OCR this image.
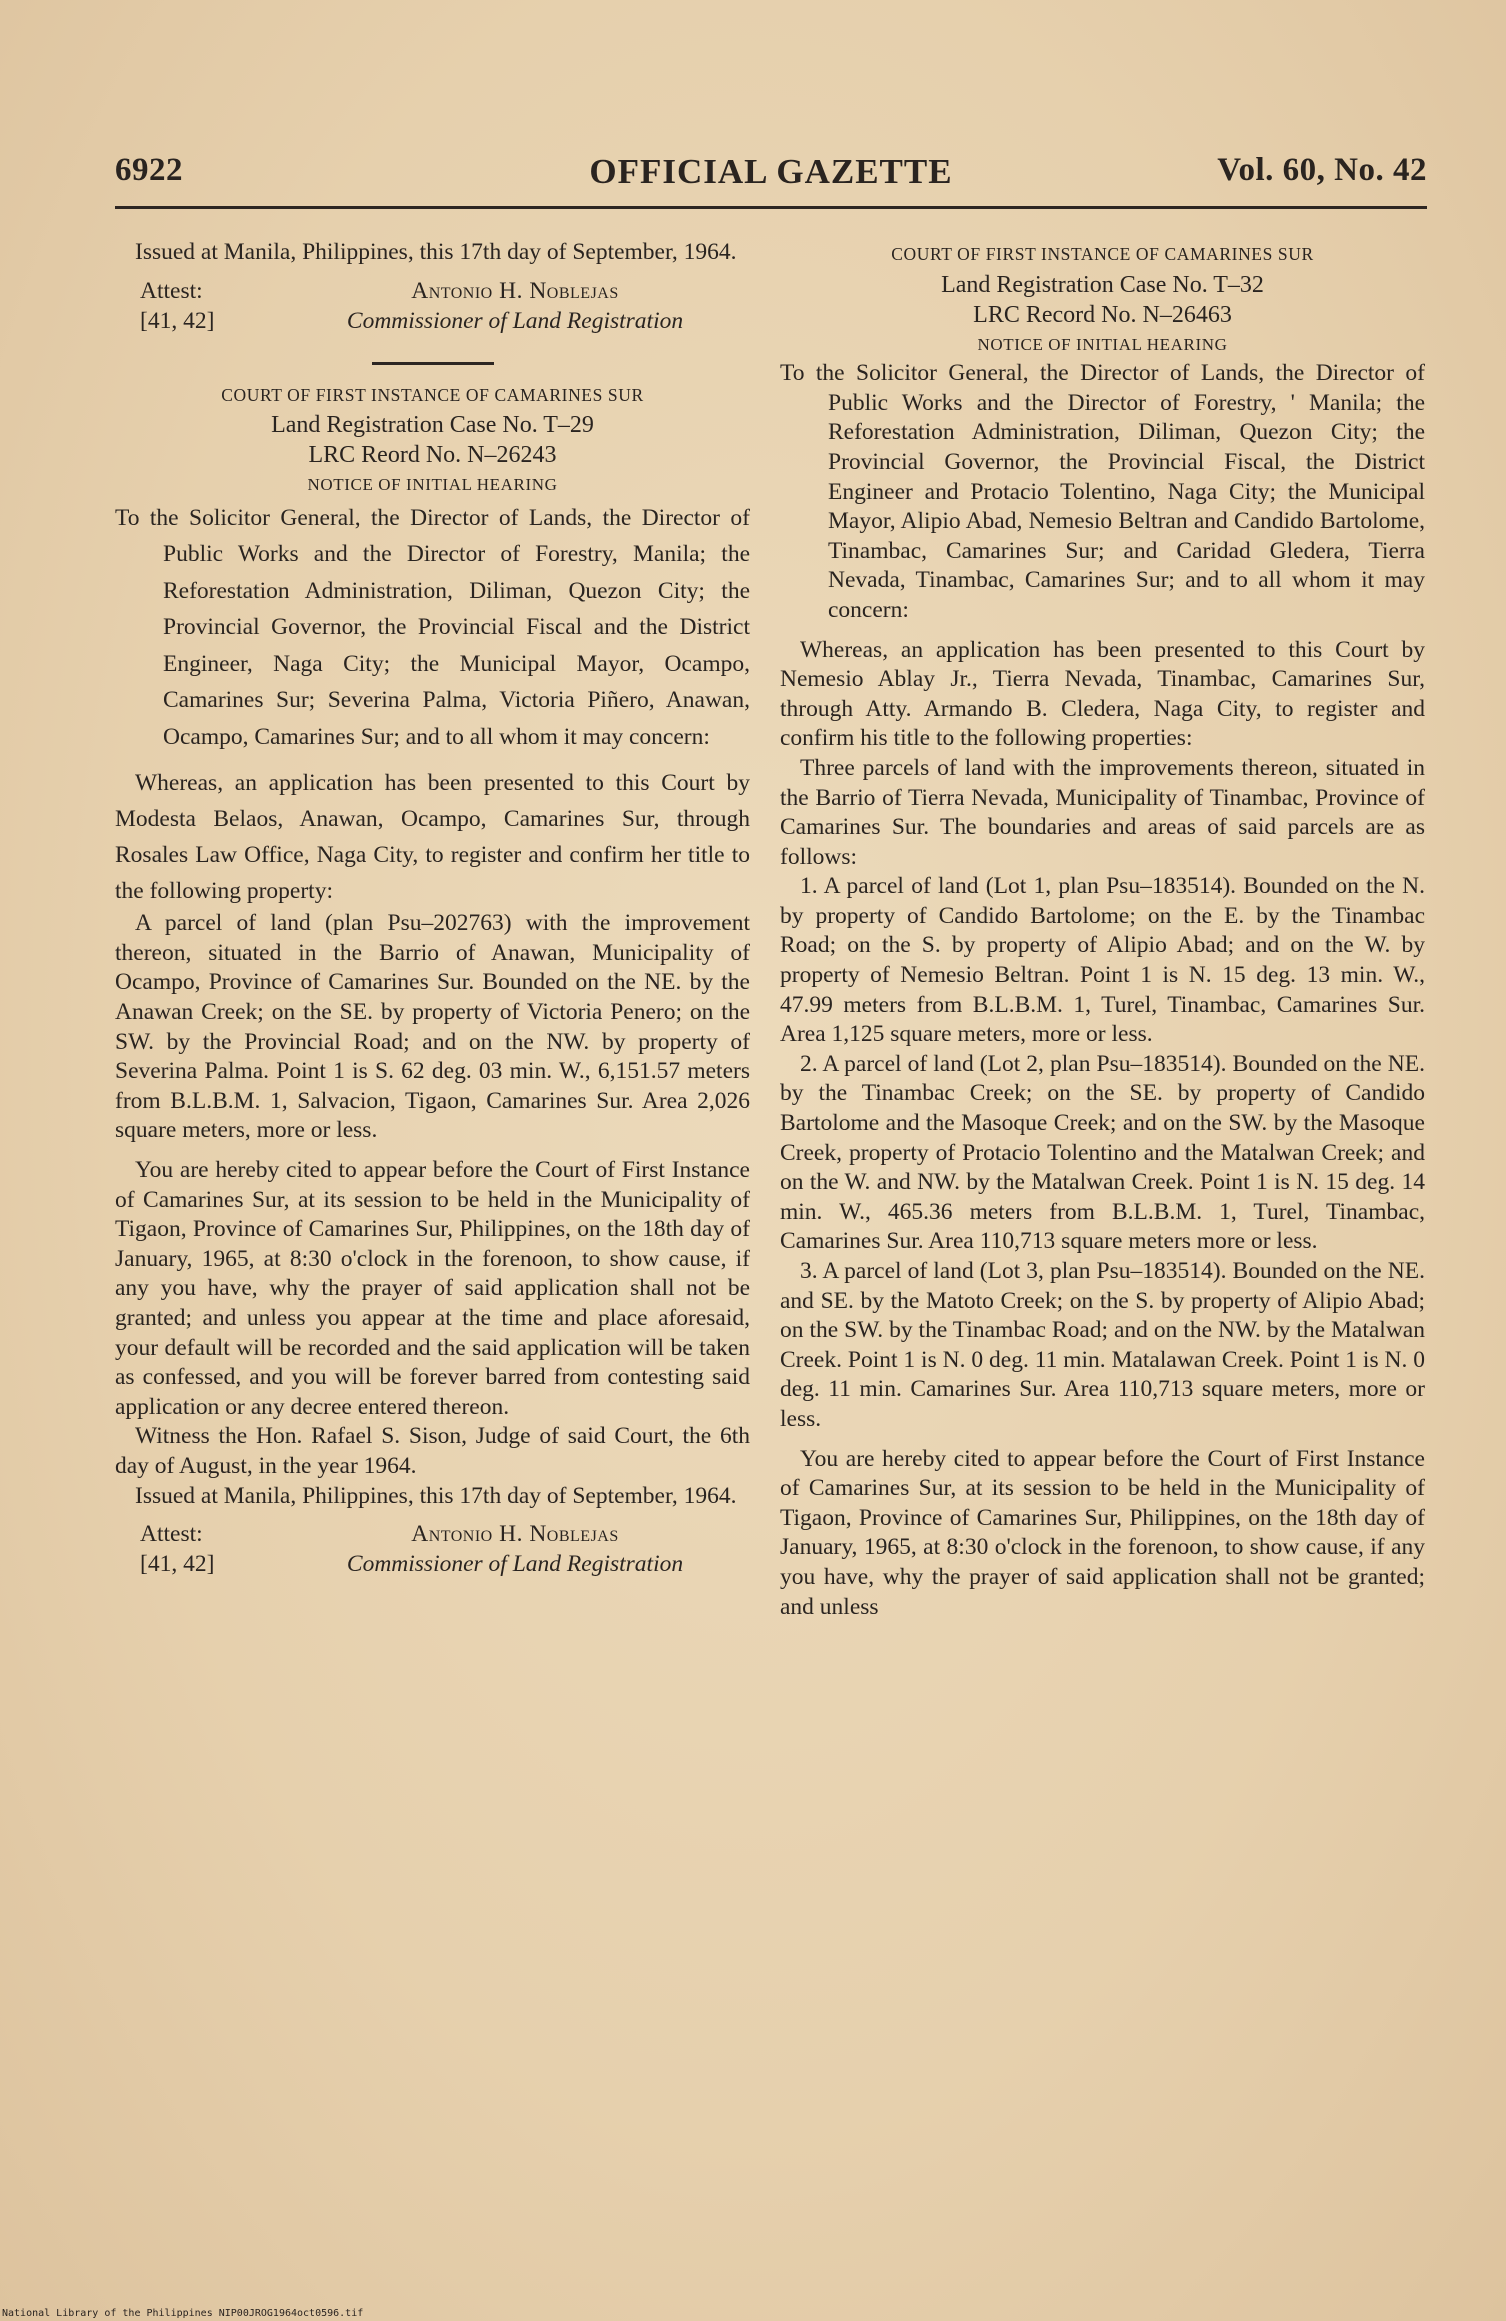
6922	OFFICIAL GAZETTE	Vol. 60, No. 42

Issued at Manila, Philippines, this 17th day of September, 1964.

Attest:
[41, 42]
Antonio H. Noblejas
Commissioner of Land Registration

COURT OF FIRST INSTANCE OF CAMARINES SUR

Land Registration Case No. T–29

LRC Reord No. N–26243

NOTICE OF INITIAL HEARING

To the Solicitor General, the Director of Lands, the Director of Public Works and the Director of Forestry, Manila; the Reforestation Administration, Diliman, Quezon City; the Provincial Governor, the Provincial Fiscal and the District Engineer, Naga City; the Municipal Mayor, Ocampo, Camarines Sur; Severina Palma, Victoria Piñero, Anawan, Ocampo, Camarines Sur; and to all whom it may concern:

Whereas, an application has been presented to this Court by Modesta Belaos, Anawan, Ocampo, Camarines Sur, through Rosales Law Office, Naga City, to register and confirm her title to the following property:

A parcel of land (plan Psu–202763) with the improvement thereon, situated in the Barrio of Anawan, Municipality of Ocampo, Province of Camarines Sur. Bounded on the NE. by the Anawan Creek; on the SE. by property of Victoria Penero; on the SW. by the Provincial Road; and on the NW. by property of Severina Palma. Point 1 is S. 62 deg. 03 min. W., 6,151.57 meters from B.L.B.M. 1, Salvacion, Tigaon, Camarines Sur. Area 2,026 square meters, more or less.

You are hereby cited to appear before the Court of First Instance of Camarines Sur, at its session to be held in the Municipality of Tigaon, Province of Camarines Sur, Philippines, on the 18th day of January, 1965, at 8:30 o'clock in the forenoon, to show cause, if any you have, why the prayer of said application shall not be granted; and unless you appear at the time and place aforesaid, your default will be recorded and the said application will be taken as confessed, and you will be forever barred from contesting said application or any decree entered thereon.

Witness the Hon. Rafael S. Sison, Judge of said Court, the 6th day of August, in the year 1964.

Issued at Manila, Philippines, this 17th day of September, 1964.

Attest:
[41, 42]
Antonio H. Noblejas
Commissioner of Land Registration

COURT OF FIRST INSTANCE OF CAMARINES SUR

Land Registration Case No. T–32

LRC Record No. N–26463

NOTICE OF INITIAL HEARING

To the Solicitor General, the Director of Lands, the Director of Public Works and the Director of Forestry, ' Manila; the Reforestation Administration, Diliman, Quezon City; the Provincial Governor, the Provincial Fiscal, the District Engineer and Protacio Tolentino, Naga City; the Municipal Mayor, Alipio Abad, Nemesio Beltran and Candido Bartolome, Tinambac, Camarines Sur; and Caridad Gledera, Tierra Nevada, Tinambac, Camarines Sur; and to all whom it may concern:

Whereas, an application has been presented to this Court by Nemesio Ablay Jr., Tierra Nevada, Tinambac, Camarines Sur, through Atty. Armando B. Cledera, Naga City, to register and confirm his title to the following properties:

Three parcels of land with the improvements thereon, situated in the Barrio of Tierra Nevada, Municipality of Tinambac, Province of Camarines Sur. The boundaries and areas of said parcels are as follows:

1. A parcel of land (Lot 1, plan Psu–183514). Bounded on the N. by property of Candido Bartolome; on the E. by the Tinambac Road; on the S. by property of Alipio Abad; and on the W. by property of Nemesio Beltran. Point 1 is N. 15 deg. 13 min. W., 47.99 meters from B.L.B.M. 1, Turel, Tinambac, Camarines Sur. Area 1,125 square meters, more or less.

2. A parcel of land (Lot 2, plan Psu–183514). Bounded on the NE. by the Tinambac Creek; on the SE. by property of Candido Bartolome and the Masoque Creek; and on the SW. by the Masoque Creek, property of Protacio Tolentino and the Matalwan Creek; and on the W. and NW. by the Matalwan Creek. Point 1 is N. 15 deg. 14 min. W., 465.36 meters from B.L.B.M. 1, Turel, Tinambac, Camarines Sur. Area 110,713 square meters more or less.

3. A parcel of land (Lot 3, plan Psu–183514). Bounded on the NE. and SE. by the Matoto Creek; on the S. by property of Alipio Abad; on the SW. by the Tinambac Road; and on the NW. by the Matalwan Creek. Point 1 is N. 0 deg. 11 min. Matalawan Creek. Point 1 is N. 0 deg. 11 min. Camarines Sur. Area 110,713 square meters, more or less.

You are hereby cited to appear before the Court of First Instance of Camarines Sur, at its session to be held in the Municipality of Tigaon, Province of Camarines Sur, Philippines, on the 18th day of January, 1965, at 8:30 o'clock in the forenoon, to show cause, if any you have, why the prayer of said application shall not be granted; and unless

National Library of the Philippines NIP00JROG1964oct0596.tif
